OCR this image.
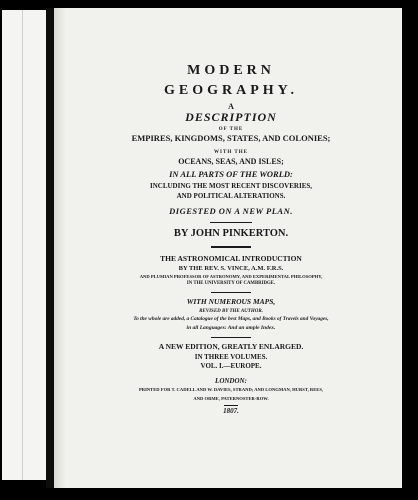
MODERN
GEOGRAPHY.
A
DESCRIPTION
OF THE
EMPIRES, KINGDOMS, STATES, AND COLONIES;
WITH THE
OCEANS, SEAS, AND ISLES;
IN ALL PARTS OF THE WORLD:
INCLUDING THE MOST RECENT DISCOVERIES,
AND POLITICAL ALTERATIONS.
DIGESTED ON A NEW PLAN.
BY JOHN PINKERTON.
THE ASTRONOMICAL INTRODUCTION
BY THE REV. S. VINCE, A.M. F.R.S.
AND PLUMIAN PROFESSOR OF ASTRONOMY, AND EXPERIMENTAL PHILOSOPHY,
IN THE UNIVERSITY OF CAMBRIDGE.
WITH NUMEROUS MAPS,
REVISED BY THE AUTHOR.
To the whole are added, a Catalogue of the best Maps, and Books of Travels and Voyages,
in all Languages: And an ample Index.
A NEW EDITION, GREATLY ENLARGED.
IN THREE VOLUMES.
VOL. I.—EUROPE.
LONDON:
PRINTED FOR T. CADELL AND W. DAVIES, STRAND; AND LONGMAN, HURST, REES,
AND ORME, PATERNOSTER-ROW.
1807.
